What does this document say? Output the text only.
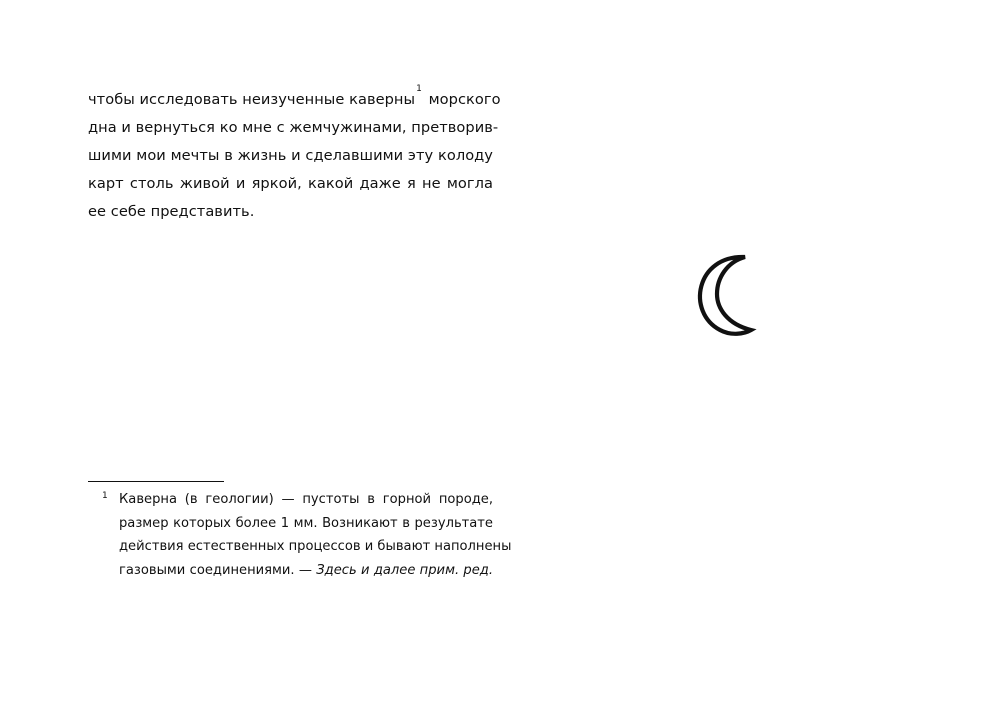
чтобы исследовать неизученные каверны$^1$ морского
дна и вернуться ко мне с жемчужинами, претворив-
шими мои мечты в жизнь и сделавшими эту колоду
карт столь живой и яркой, какой даже я не могла
ее себе представить.

1 Каверна (в геологии) — пустоты в горной породе,
размер которых более 1 мм. Возникают в результате
действия естественных процессов и бывают наполнены
газовыми соединениями. — Здесь и далее прим. ред.
